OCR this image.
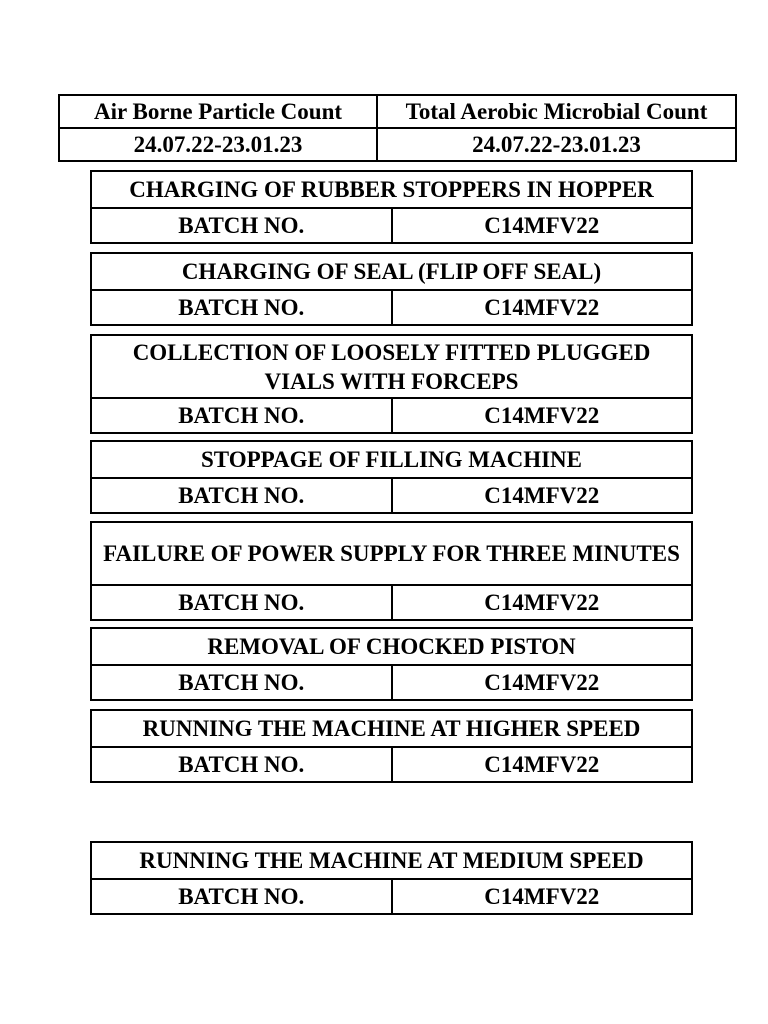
Air Borne Particle Count	Total Aerobic Microbial Count
24.07.22-23.01.23	24.07.22-23.01.23
CHARGING OF RUBBER STOPPERS IN HOPPER
BATCH NO.	C14MFV22
CHARGING OF SEAL (FLIP OFF SEAL)
BATCH NO.	C14MFV22
COLLECTION OF LOOSELY FITTED PLUGGED VIALS WITH FORCEPS
BATCH NO.	C14MFV22
STOPPAGE OF FILLING MACHINE
BATCH NO.	C14MFV22
FAILURE OF POWER SUPPLY FOR THREE MINUTES
BATCH NO.	C14MFV22
REMOVAL OF CHOCKED PISTON
BATCH NO.	C14MFV22
RUNNING THE MACHINE AT HIGHER SPEED
BATCH NO.	C14MFV22
RUNNING THE MACHINE AT MEDIUM SPEED
BATCH NO.	C14MFV22
